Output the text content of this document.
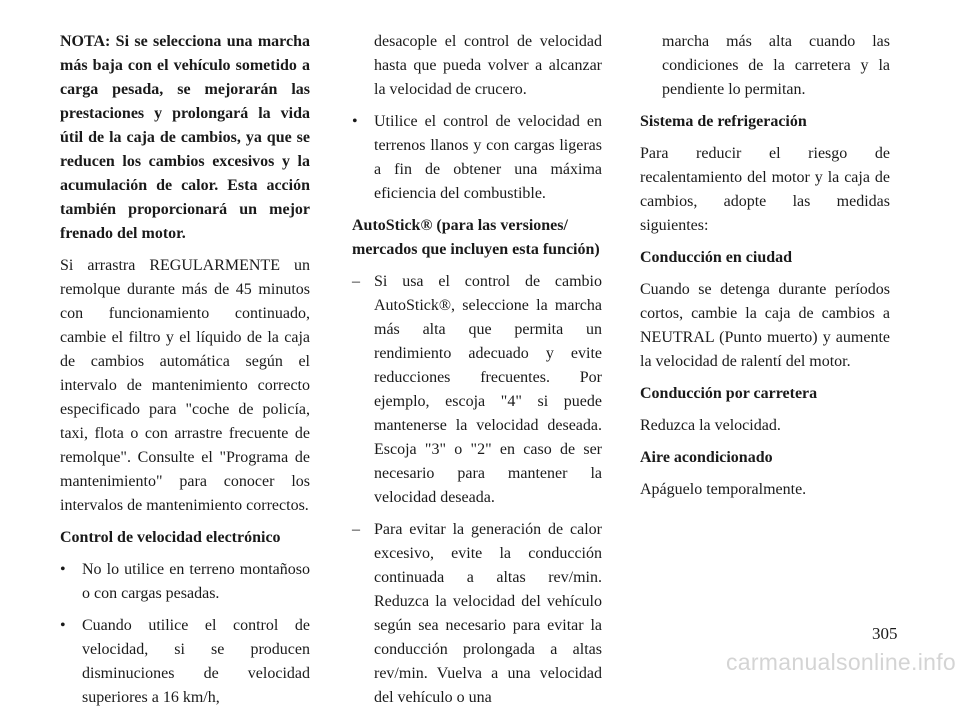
NOTA: Si se selecciona una marcha más baja con el vehículo sometido a carga pesada, se mejorarán las prestaciones y prolongará la vida útil de la caja de cambios, ya que se reducen los cambios excesivos y la acumulación de calor. Esta acción también proporcionará un mejor frenado del motor.

Si arrastra REGULARMENTE un remolque durante más de 45 minutos con funcionamiento continuado, cambie el filtro y el líquido de la caja de cambios automática según el intervalo de mantenimiento correcto especificado para "coche de policía, taxi, flota o con arrastre frecuente de remolque". Consulte el "Programa de mantenimiento" para conocer los intervalos de mantenimiento correctos.

Control de velocidad electrónico

•	No lo utilice en terreno montañoso o con cargas pesadas.
•	Cuando utilice el control de velocidad, si se producen disminuciones de velocidad superiores a 16 km/h,
desacople el control de velocidad hasta que pueda volver a alcanzar la velocidad de crucero.
•	Utilice el control de velocidad en terrenos llanos y con cargas ligeras a fin de obtener una máxima eficiencia del combustible.

AutoStick® (para las versiones/ mercados que incluyen esta función)

– Si usa el control de cambio AutoStick®, seleccione la marcha más alta que permita un rendimiento adecuado y evite reducciones frecuentes. Por ejemplo, escoja "4" si puede mantenerse la velocidad deseada. Escoja "3" o "2" en caso de ser necesario para mantener la velocidad deseada.
– Para evitar la generación de calor excesivo, evite la conducción continuada a altas rev/min. Reduzca la velocidad del vehículo según sea necesario para evitar la conducción prolongada a altas rev/min. Vuelva a una velocidad del vehículo o una
marcha más alta cuando las condiciones de la carretera y la pendiente lo permitan.

Sistema de refrigeración

Para reducir el riesgo de recalentamiento del motor y la caja de cambios, adopte las medidas siguientes:

Conducción en ciudad

Cuando se detenga durante períodos cortos, cambie la caja de cambios a NEUTRAL (Punto muerto) y aumente la velocidad de ralentí del motor.

Conducción por carretera

Reduzca la velocidad.

Aire acondicionado

Apáguelo temporalmente.

305
carmanualsonline.info
